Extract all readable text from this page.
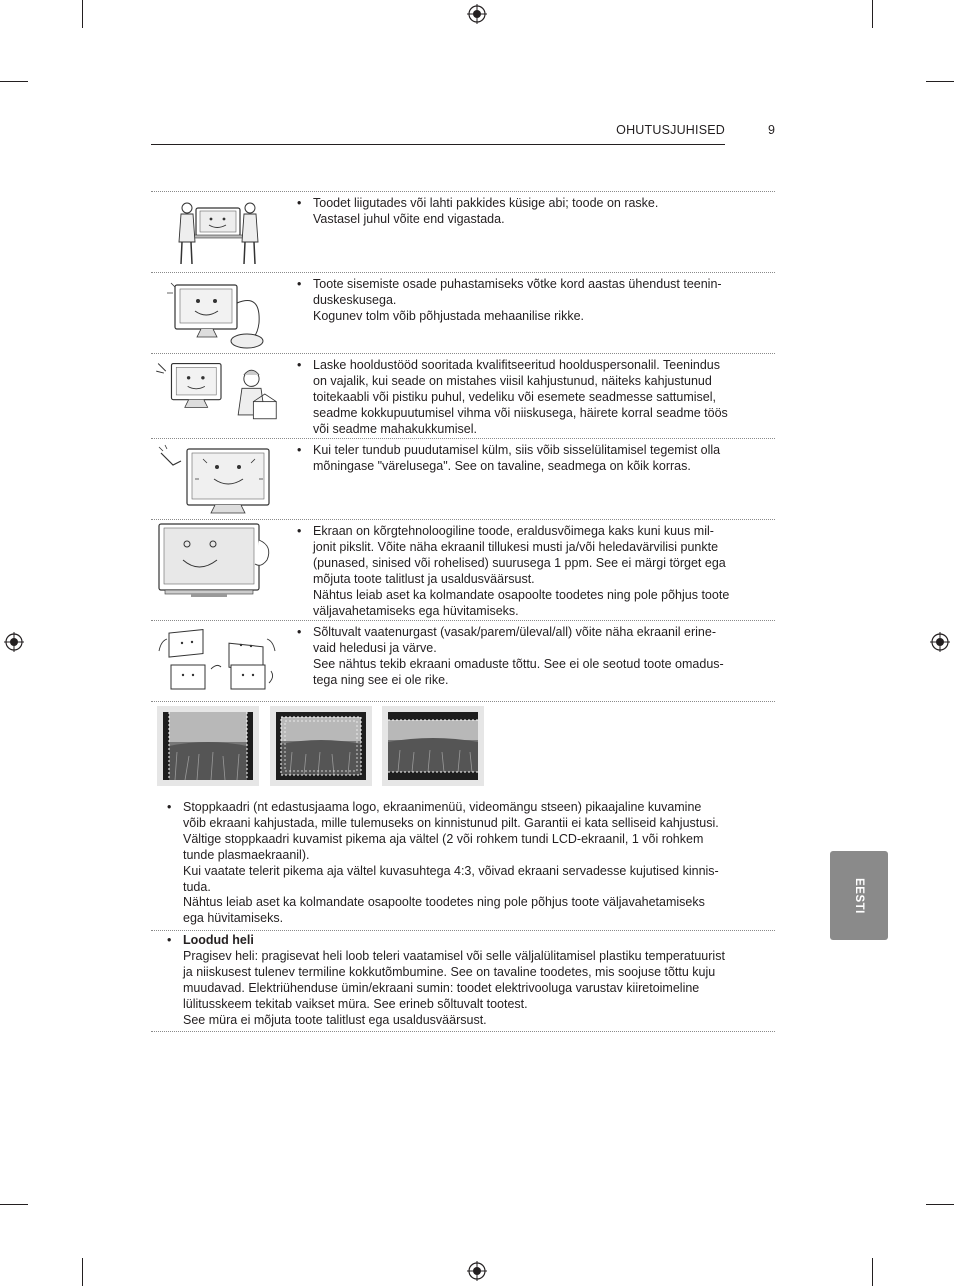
OHUTUSJUHISED	9
• Toodet liigutades või lahti pakkides küsige abi; toode on raske.
Vastasel juhul võite end vigastada.
• Toote sisemiste osade puhastamiseks võtke kord aastas ühendust teenin-
duskeskusega.
Kogunev tolm võib põhjustada mehaanilise rikke.
• Laske hooldustööd sooritada kvalifitseeritud hoolduspersonalil. Teenindus
on vajalik, kui seade on mistahes viisil kahjustunud, näiteks kahjustunud
toitekaabli või pistiku puhul, vedeliku või esemete seadmesse sattumisel,
seadme kokkupuutumisel vihma või niiskusega, häirete korral seadme töös
või seadme mahakukkumisel.
• Kui teler tundub puudutamisel külm, siis võib sisselülitamisel tegemist olla
mõningase "värelusega". See on tavaline, seadmega on kõik korras.
• Ekraan on kõrgtehnoloogiline toode, eraldusvõimega kaks kuni kuus mil-
jonit pikslit. Võite näha ekraanil tillukesi musti ja/või heledavärvilisi punkte
(punased, sinised või rohelised) suurusega 1 ppm. See ei märgi törget ega
mõjuta toote talitlust ja usaldusväärsust.
Nähtus leiab aset ka kolmandate osapoolte toodetes ning pole põhjus toote
väljavahetamiseks ega hüvitamiseks.
• Sõltuvalt vaatenurgast (vasak/parem/üleval/all) võite näha ekraanil erine-
vaid heledusi ja värve.
See nähtus tekib ekraani omaduste tõttu. See ei ole seotud toote omadus-
tega ning see ei ole rike.
• Stoppkaadri (nt edastusjaama logo, ekraanimenüü, videomängu stseen) pikaajaline kuvamine
võib ekraani kahjustada, mille tulemuseks on kinnistunud pilt. Garantii ei kata selliseid kahjustusi.
Vältige stoppkaadri kuvamist pikema aja vältel (2 või rohkem tundi LCD-ekraanil, 1 või rohkem
tunde plasmaekraanil).
Kui vaatate telerit pikema aja vältel kuvasuhtega 4:3, võivad ekraani servadesse kujutised kinnis-
tuda.
Nähtus leiab aset ka kolmandate osapoolte toodetes ning pole põhjus toote väljavahetamiseks
ega hüvitamiseks.
• Loodud heli
Pragisev heli: pragisevat heli loob teleri vaatamisel või selle väljalülitamisel plastiku temperatuurist
ja niiskusest tulenev termiline kokkutõmbumine. See on tavaline toodetes, mis soojuse tõttu kuju
muudavad. Elektriühenduse ümin/ekraani sumin: toodet elektrivooluga varustav kiiretoimeline
lülitusskeem tekitab vaikset müra. See erineb sõltuvalt tootest.
See müra ei mõjuta toote talitlust ega usaldusväärsust.
EESTI
